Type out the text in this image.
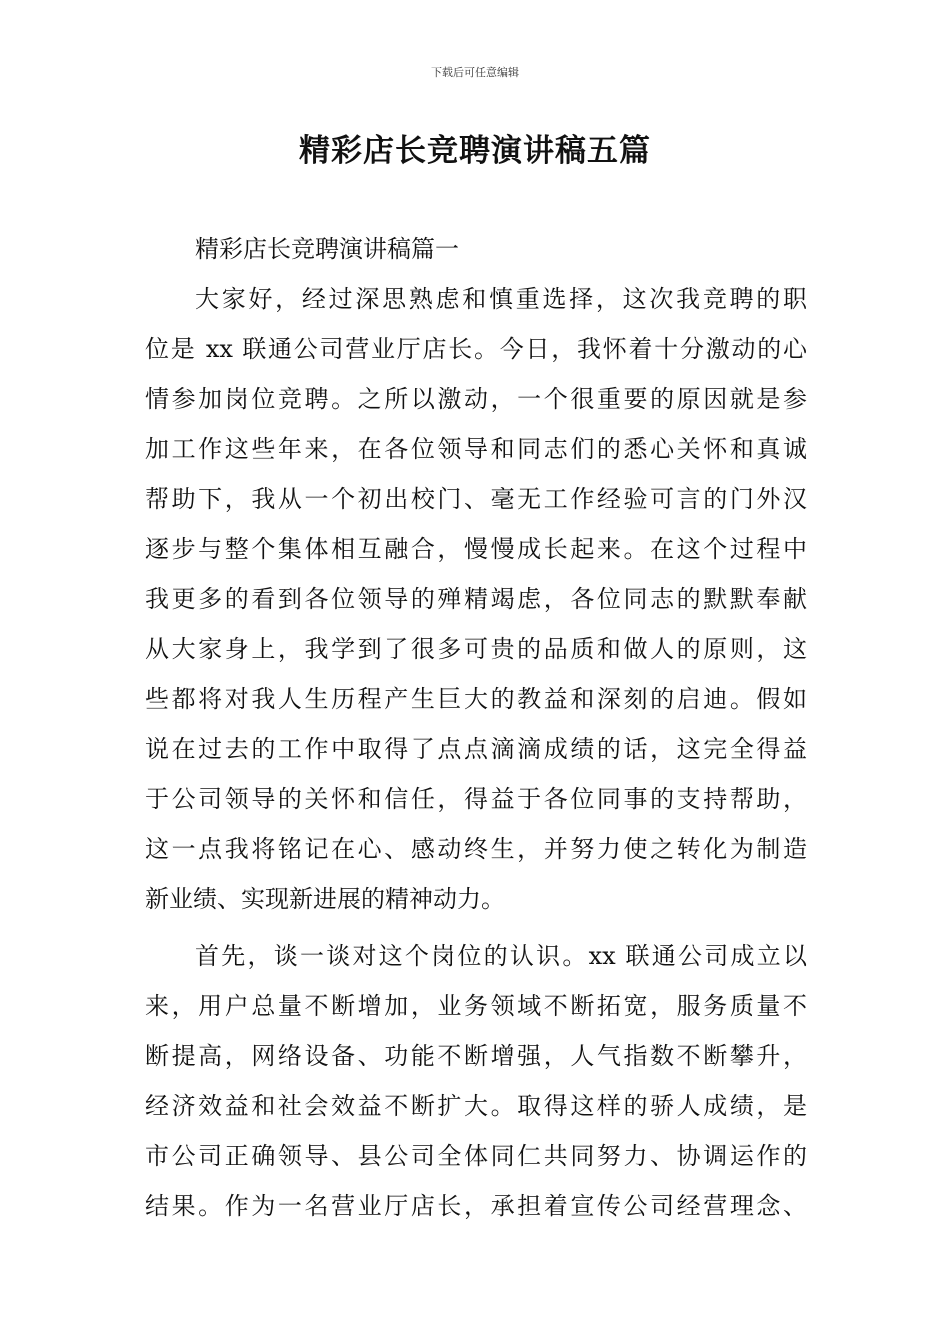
下载后可任意编辑
精彩店长竞聘演讲稿五篇
精彩店长竞聘演讲稿篇一
大家好，经过深思熟虑和慎重选择，这次我竞聘的职
位是 xx 联通公司营业厅店长。今日，我怀着十分激动的心
情参加岗位竞聘。之所以激动，一个很重要的原因就是参
加工作这些年来，在各位领导和同志们的悉心关怀和真诚
帮助下，我从一个初出校门、毫无工作经验可言的门外汉
逐步与整个集体相互融合，慢慢成长起来。在这个过程中
我更多的看到各位领导的殚精竭虑，各位同志的默默奉献
从大家身上，我学到了很多可贵的品质和做人的原则，这
些都将对我人生历程产生巨大的教益和深刻的启迪。假如
说在过去的工作中取得了点点滴滴成绩的话，这完全得益
于公司领导的关怀和信任，得益于各位同事的支持帮助，
这一点我将铭记在心、感动终生，并努力使之转化为制造
新业绩、实现新进展的精神动力。
首先，谈一谈对这个岗位的认识。xx 联通公司成立以
来，用户总量不断增加，业务领域不断拓宽，服务质量不
断提高，网络设备、功能不断增强，人气指数不断攀升，
经济效益和社会效益不断扩大。取得这样的骄人成绩，是
市公司正确领导、县公司全体同仁共同努力、协调运作的
结果。作为一名营业厅店长，承担着宣传公司经营理念、
